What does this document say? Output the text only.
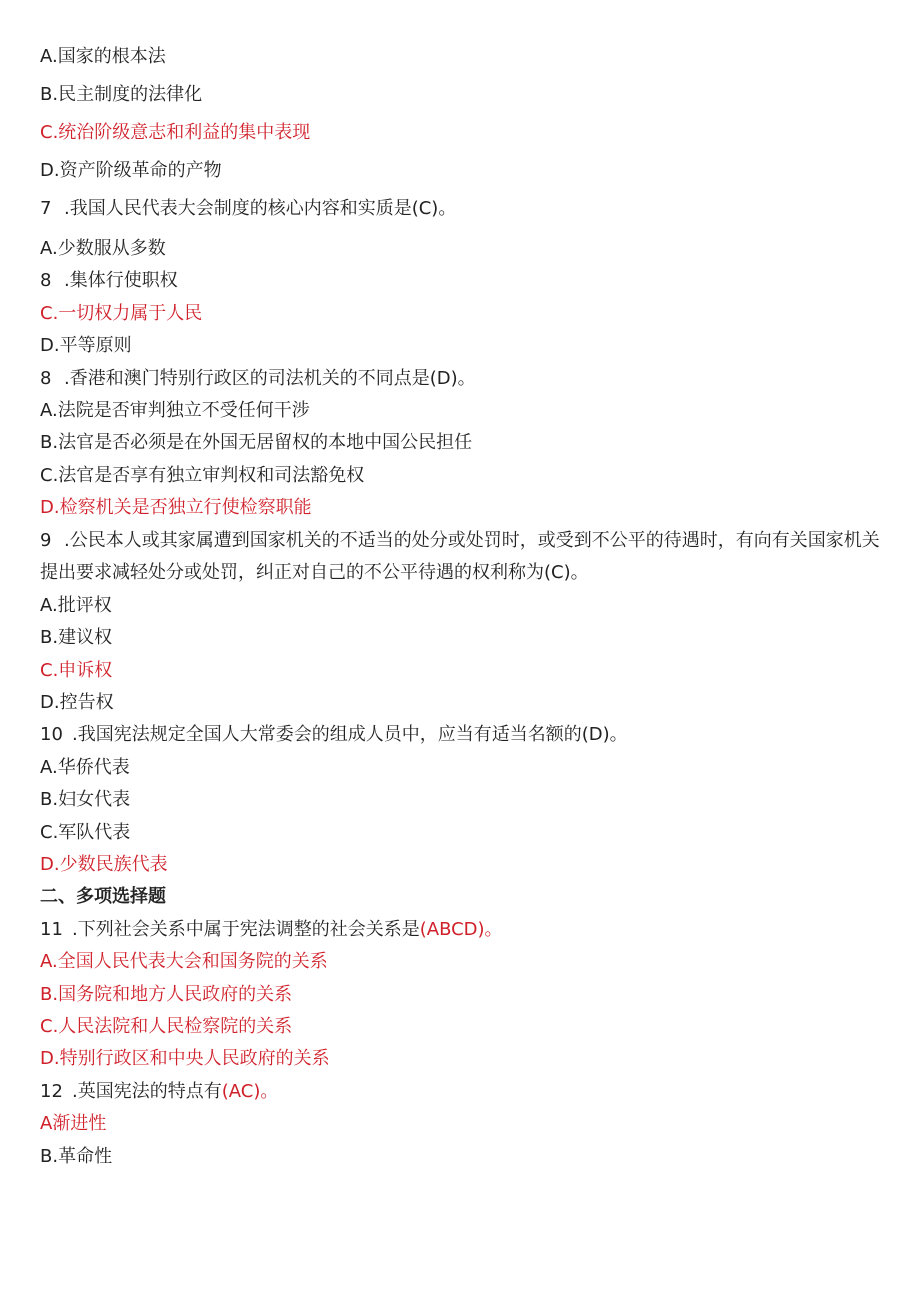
A.国家的根本法
B.民主制度的法律化
C.统治阶级意志和利益的集中表现
D.资产阶级革命的产物
7 .我国人民代表大会制度的核心内容和实质是(C)。
A.少数服从多数
8 .集体行使职权
C.一切权力属于人民
D.平等原则
8 .香港和澳门特别行政区的司法机关的不同点是(D)。
A.法院是否审判独立不受任何干涉
B.法官是否必须是在外国无居留权的本地中国公民担任
C.法官是否享有独立审判权和司法豁免权
D.检察机关是否独立行使检察职能
9 .公民本人或其家属遭到国家机关的不适当的处分或处罚时，或受到不公平的待遇时，有向有关国家机关提出要求减轻处分或处罚，纠正对自己的不公平待遇的权利称为(C)。
A.批评权
B.建议权
C.申诉权
D.控告权
10 .我国宪法规定全国人大常委会的组成人员中，应当有适当名额的(D)。
A.华侨代表
B.妇女代表
C.军队代表
D.少数民族代表
二、多项选择题
11 .下列社会关系中属于宪法调整的社会关系是(ABCD)。
A.全国人民代表大会和国务院的关系
B.国务院和地方人民政府的关系
C.人民法院和人民检察院的关系
D.特别行政区和中央人民政府的关系
12 .英国宪法的特点有(AC)。
A渐进性
B.革命性
